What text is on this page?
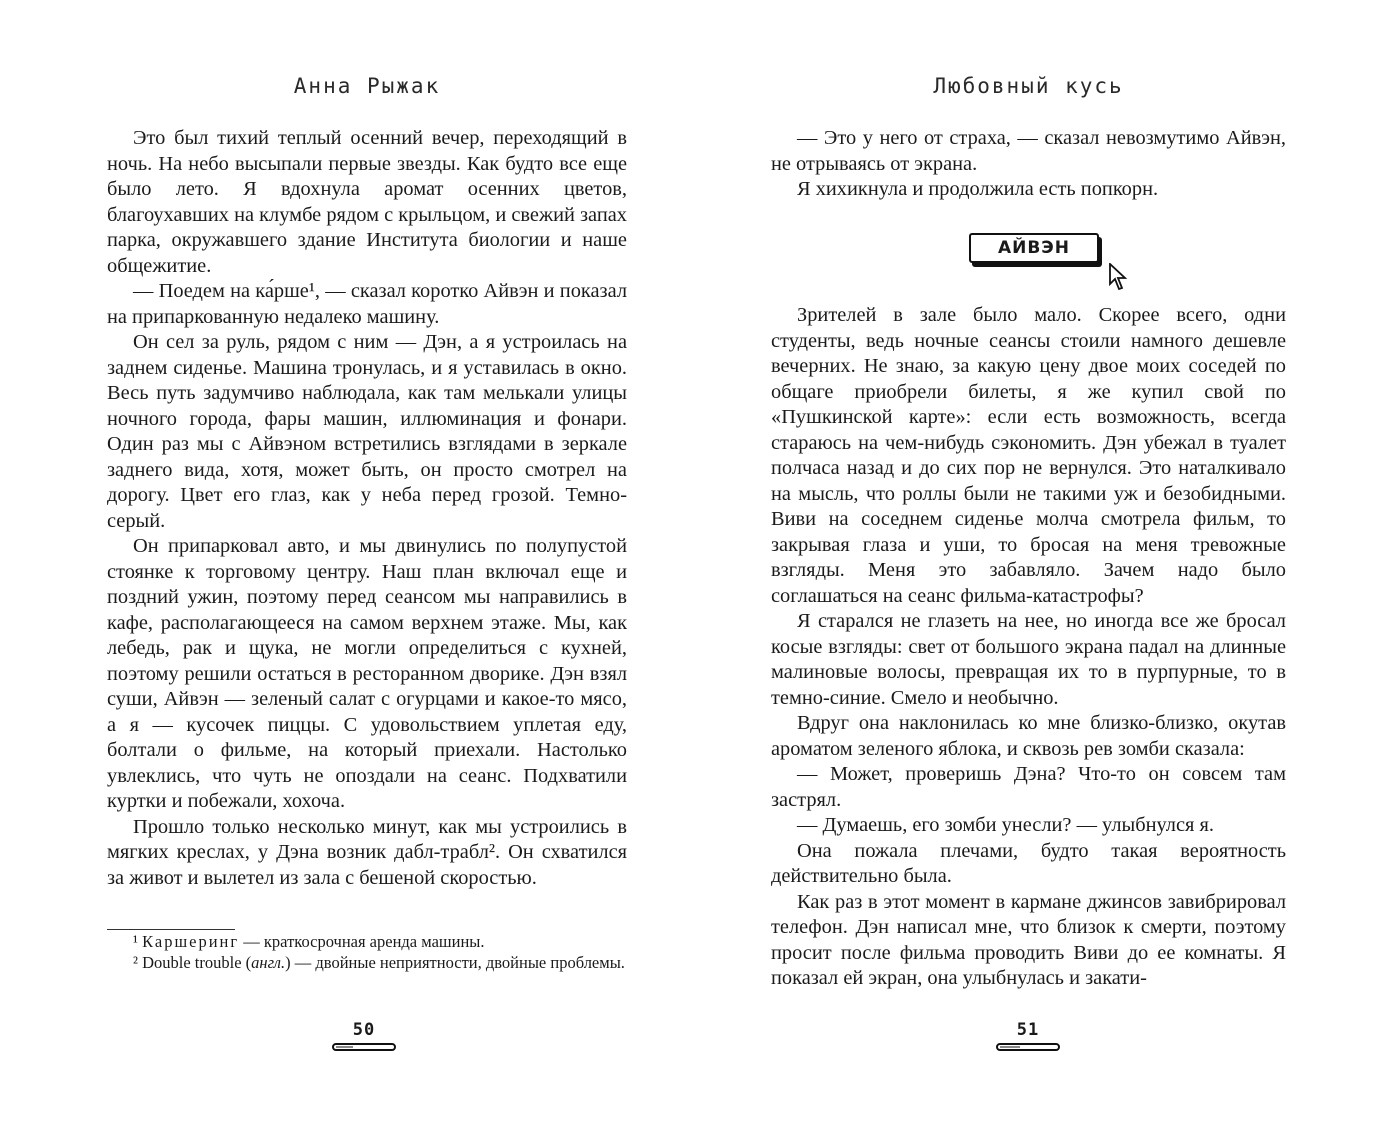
Анна Рыжак

Это был тихий теплый осенний вечер, переходящий в ночь. На небо высыпали первые звезды. Как будто все еще было лето. Я вдохнула аромат осенних цветов, благоухавших на клумбе рядом с крыльцом, и свежий запах парка, окружавшего здание Института биологии и наше общежитие.

— Поедем на ка́рше¹, — сказал коротко Айвэн и показал на припаркованную недалеко машину.

Он сел за руль, рядом с ним — Дэн, а я устроилась на заднем сиденье. Машина тронулась, и я уставилась в окно. Весь путь задумчиво наблюдала, как там мелькали улицы ночного города, фары машин, иллюминация и фонари. Один раз мы с Айвэном встретились взглядами в зеркале заднего вида, хотя, может быть, он просто смотрел на дорогу. Цвет его глаз, как у неба перед грозой. Темно-серый.

Он припарковал авто, и мы двинулись по полупустой стоянке к торговому центру. Наш план включал еще и поздний ужин, поэтому перед сеансом мы направились в кафе, располагающееся на самом верхнем этаже. Мы, как лебедь, рак и щука, не могли определиться с кухней, поэтому решили остаться в ресторанном дворике. Дэн взял суши, Айвэн — зеленый салат с огурцами и какое-то мясо, а я — кусочек пиццы. С удовольствием уплетая еду, болтали о фильме, на который приехали. Настолько увлеклись, что чуть не опоздали на сеанс. Подхватили куртки и побежали, хохоча.

Прошло только несколько минут, как мы устроились в мягких креслах, у Дэна возник дабл-трабл². Он схватился за живот и вылетел из зала с бешеной скоростью.

¹ Каршеринг — краткосрочная аренда машины.

² Double trouble (англ.) — двойные неприятности, двойные проблемы.

50
Любовный кусь

— Это у него от страха, — сказал невозмутимо Айвэн, не отрываясь от экрана.

Я хихикнула и продолжила есть попкорн.

АЙВЭН

Зрителей в зале было мало. Скорее всего, одни студенты, ведь ночные сеансы стоили намного дешевле вечерних. Не знаю, за какую цену двое моих соседей по общаге приобрели билеты, я же купил свой по «Пушкинской карте»: если есть возможность, всегда стараюсь на чем-нибудь сэкономить. Дэн убежал в туалет полчаса назад и до сих пор не вернулся. Это наталкивало на мысль, что роллы были не такими уж и безобидными. Виви на соседнем сиденье молча смотрела фильм, то закрывая глаза и уши, то бросая на меня тревожные взгляды. Меня это забавляло. Зачем надо было соглашаться на сеанс фильма-катастрофы?

Я старался не глазеть на нее, но иногда все же бросал косые взгляды: свет от большого экрана падал на длинные малиновые волосы, превращая их то в пурпурные, то в темно-синие. Смело и необычно.

Вдруг она наклонилась ко мне близко-близко, окутав ароматом зеленого яблока, и сквозь рев зомби сказала:

— Может, проверишь Дэна? Что-то он совсем там застрял.

— Думаешь, его зомби унесли? — улыбнулся я.

Она пожала плечами, будто такая вероятность действительно была.

Как раз в этот момент в кармане джинсов завибрировал телефон. Дэн написал мне, что близок к смерти, поэтому просит после фильма проводить Виви до ее комнаты. Я показал ей экран, она улыбнулась и закати-

51
